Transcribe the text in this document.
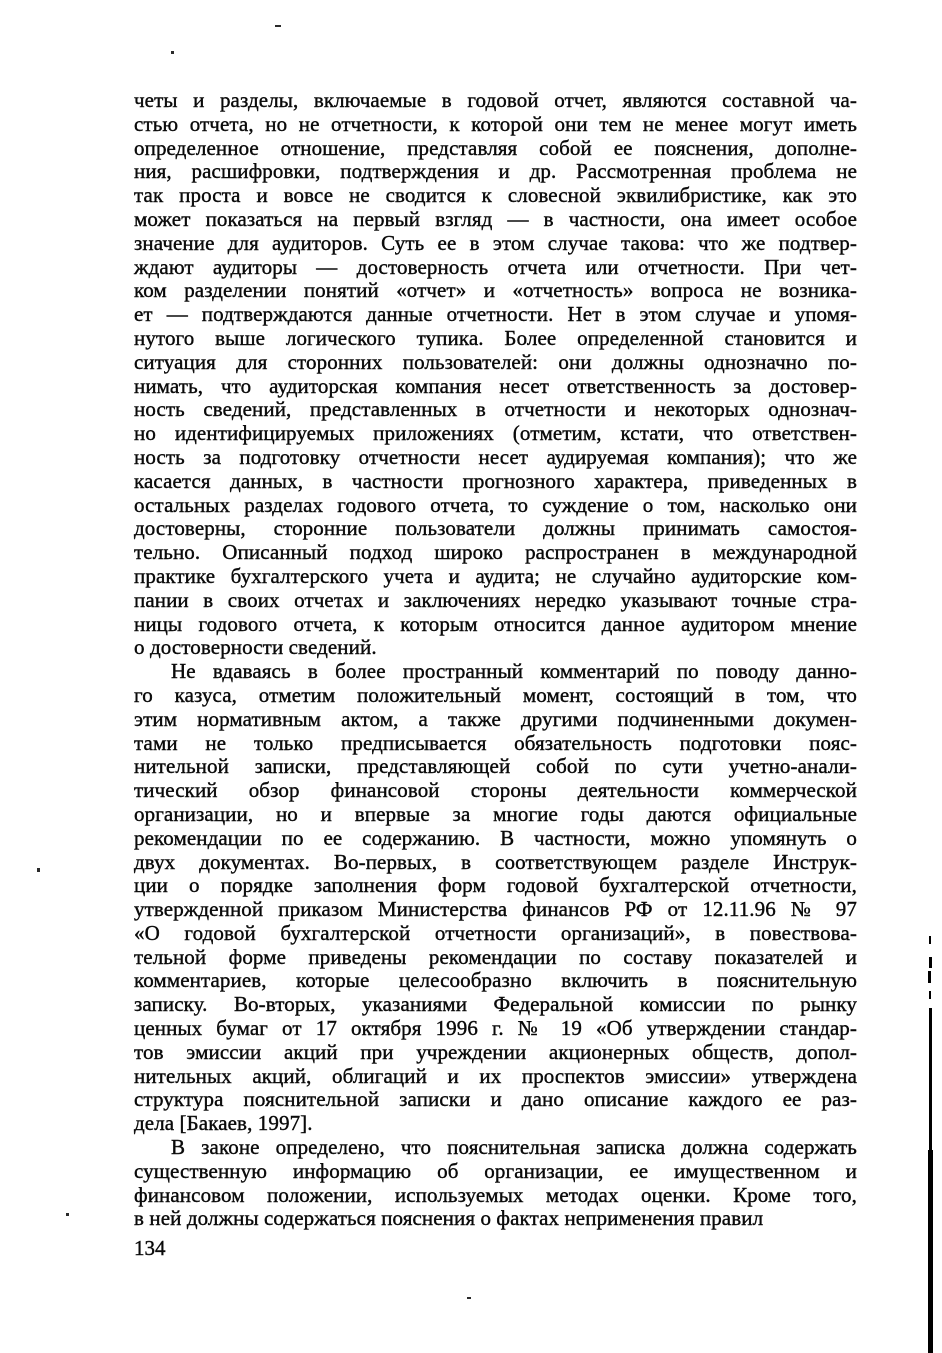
четы и разделы, включаемые в годовой отчет, являются составной ча-
стью отчета, но не отчетности, к которой они тем не менее могут иметь
определенное отношение, представляя собой ее пояснения, дополне-
ния, расшифровки, подтверждения и др. Рассмотренная проблема не
так проста и вовсе не сводится к словесной эквилибристике, как это
может показаться на первый взгляд — в частности, она имеет особое
значение для аудиторов. Суть ее в этом случае такова: что же подтвер-
ждают аудиторы — достоверность отчета или отчетности. При чет-
ком разделении понятий «отчет» и «отчетность» вопроса не возника-
ет — подтверждаются данные отчетности. Нет в этом случае и упомя-
нутого выше логического тупика. Более определенной становится и
ситуация для сторонних пользователей: они должны однозначно по-
нимать, что аудиторская компания несет ответственность за достовер-
ность сведений, представленных в отчетности и некоторых однознач-
но идентифицируемых приложениях (отметим, кстати, что ответствен-
ность за подготовку отчетности несет аудируемая компания); что же
касается данных, в частности прогнозного характера, приведенных в
остальных разделах годового отчета, то суждение о том, насколько они
достоверны, сторонние пользователи должны принимать самостоя-
тельно. Описанный подход широко распространен в международной
практике бухгалтерского учета и аудита; не случайно аудиторские ком-
пании в своих отчетах и заключениях нередко указывают точные стра-
ницы годового отчета, к которым относится данное аудитором мнение
о достоверности сведений.
Не вдаваясь в более пространный комментарий по поводу данно-
го казуса, отметим положительный момент, состоящий в том, что
этим нормативным актом, а также другими подчиненными докумен-
тами не только предписывается обязательность подготовки пояс-
нительной записки, представляющей собой по сути учетно-анали-
тический обзор финансовой стороны деятельности коммерческой
организации, но и впервые за многие годы даются официальные
рекомендации по ее содержанию. В частности, можно упомянуть о
двух документах. Во-первых, в соответствующем разделе Инструк-
ции о порядке заполнения форм годовой бухгалтерской отчетности,
утвержденной приказом Министерства финансов РФ от 12.11.96 № 97
«О годовой бухгалтерской отчетности организаций», в повествова-
тельной форме приведены рекомендации по составу показателей и
комментариев, которые целесообразно включить в пояснительную
записку. Во-вторых, указаниями Федеральной комиссии по рынку
ценных бумаг от 17 октября 1996 г. № 19 «Об утверждении стандар-
тов эмиссии акций при учреждении акционерных обществ, допол-
нительных акций, облигаций и их проспектов эмиссии» утверждена
структура пояснительной записки и дано описание каждого ее раз-
дела [Бакаев, 1997].
В законе определено, что пояснительная записка должна содержать
существенную информацию об организации, ее имущественном и
финансовом положении, используемых методах оценки. Кроме того,
в ней должны содержаться пояснения о фактах неприменения правил
134
